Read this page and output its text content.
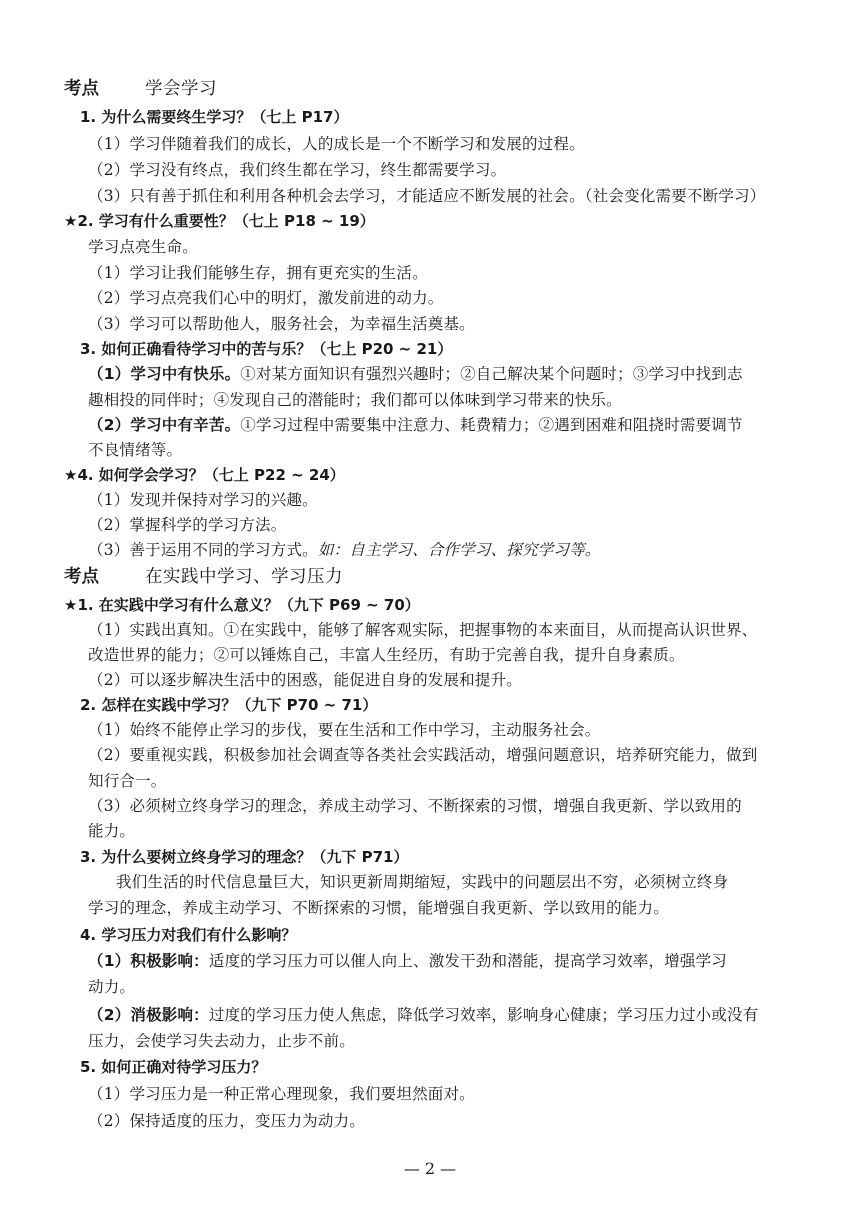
考点	学会学习
1. 为什么需要终生学习？（七上 P17）
（1）学习伴随着我们的成长，人的成长是一个不断学习和发展的过程。
（2）学习没有终点，我们终生都在学习，终生都需要学习。
（3）只有善于抓住和利用各种机会去学习，才能适应不断发展的社会。（社会变化需要不断学习）
★2. 学习有什么重要性？（七上 P18 ~ 19）
学习点亮生命。
（1）学习让我们能够生存，拥有更充实的生活。
（2）学习点亮我们心中的明灯，激发前进的动力。
（3）学习可以帮助他人，服务社会，为幸福生活奠基。
3. 如何正确看待学习中的苦与乐？（七上 P20 ~ 21）
（1）学习中有快乐。①对某方面知识有强烈兴趣时；②自己解决某个问题时；③学习中找到志
趣相投的同伴时；④发现自己的潜能时；我们都可以体味到学习带来的快乐。
（2）学习中有辛苦。①学习过程中需要集中注意力、耗费精力；②遇到困难和阻挠时需要调节
不良情绪等。
★4. 如何学会学习？（七上 P22 ~ 24）
（1）发现并保持对学习的兴趣。
（2）掌握科学的学习方法。
（3）善于运用不同的学习方式。如：自主学习、合作学习、探究学习等。
考点	在实践中学习、学习压力
★1. 在实践中学习有什么意义？（九下 P69 ~ 70）
（1）实践出真知。①在实践中，能够了解客观实际，把握事物的本来面目，从而提高认识世界、
改造世界的能力；②可以锤炼自己，丰富人生经历，有助于完善自我，提升自身素质。
（2）可以逐步解决生活中的困惑，能促进自身的发展和提升。
2. 怎样在实践中学习？（九下 P70 ~ 71）
（1）始终不能停止学习的步伐，要在生活和工作中学习，主动服务社会。
（2）要重视实践，积极参加社会调查等各类社会实践活动，增强问题意识，培养研究能力，做到
知行合一。
（3）必须树立终身学习的理念，养成主动学习、不断探索的习惯，增强自我更新、学以致用的
能力。
3. 为什么要树立终身学习的理念？（九下 P71）
我们生活的时代信息量巨大，知识更新周期缩短，实践中的问题层出不穷，必须树立终身
学习的理念，养成主动学习、不断探索的习惯，能增强自我更新、学以致用的能力。
4. 学习压力对我们有什么影响？
（1）积极影响：适度的学习压力可以催人向上、激发干劲和潜能，提高学习效率，增强学习
动力。
（2）消极影响：过度的学习压力使人焦虑，降低学习效率，影响身心健康；学习压力过小或没有
压力，会使学习失去动力，止步不前。
5. 如何正确对待学习压力？
（1）学习压力是一种正常心理现象，我们要坦然面对。
（2）保持适度的压力，变压力为动力。
— 2 —
